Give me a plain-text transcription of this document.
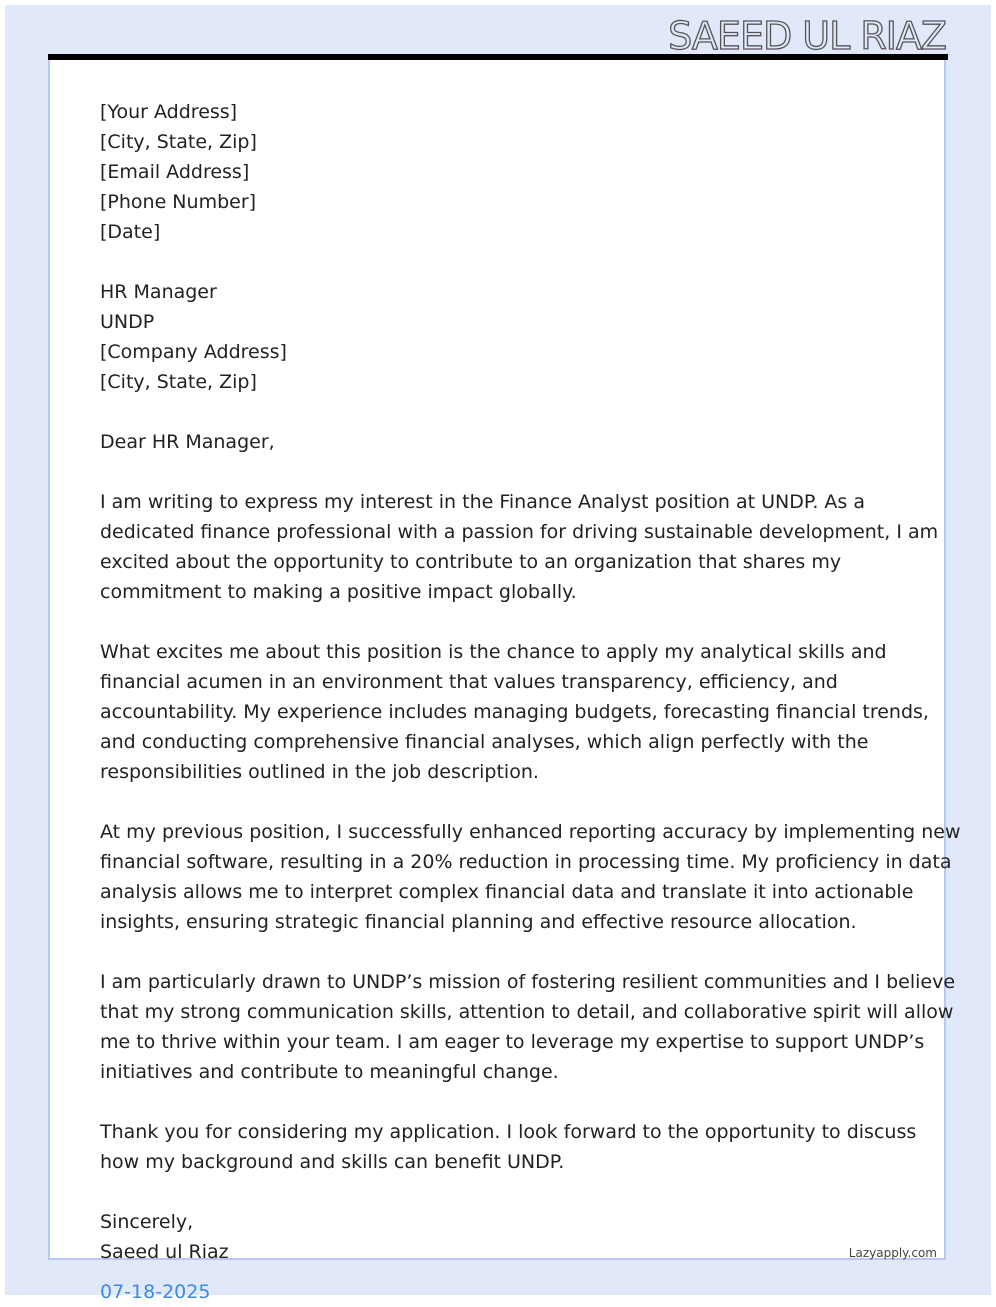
SAEED UL RIAZ
[Your Address]
[City, State, Zip]
[Email Address]
[Phone Number]
[Date]
HR Manager
UNDP
[Company Address]
[City, State, Zip]
Dear HR Manager,
I am writing to express my interest in the Finance Analyst position at UNDP. As a
dedicated finance professional with a passion for driving sustainable development, I am
excited about the opportunity to contribute to an organization that shares my
commitment to making a positive impact globally.
What excites me about this position is the chance to apply my analytical skills and
financial acumen in an environment that values transparency, efficiency, and
accountability. My experience includes managing budgets, forecasting financial trends,
and conducting comprehensive financial analyses, which align perfectly with the
responsibilities outlined in the job description.
At my previous position, I successfully enhanced reporting accuracy by implementing new
financial software, resulting in a 20% reduction in processing time. My proficiency in data
analysis allows me to interpret complex financial data and translate it into actionable
insights, ensuring strategic financial planning and effective resource allocation.
I am particularly drawn to UNDP’s mission of fostering resilient communities and I believe
that my strong communication skills, attention to detail, and collaborative spirit will allow
me to thrive within your team. I am eager to leverage my expertise to support UNDP’s
initiatives and contribute to meaningful change.
Thank you for considering my application. I look forward to the opportunity to discuss
how my background and skills can benefit UNDP.
Sincerely,
Saeed ul Riaz
07-18-2025
Lazyapply.com
